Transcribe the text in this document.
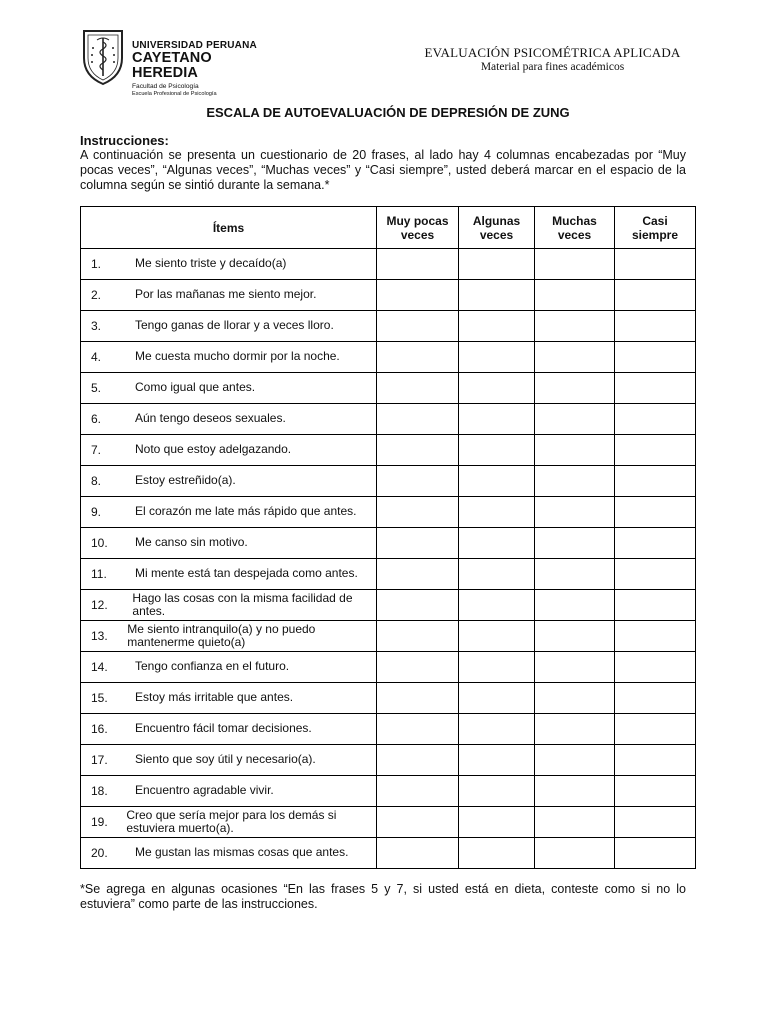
UNIVERSIDAD PERUANA
CAYETANO HEREDIA
Facultad de Psicología
Escuela Profesional de Psicología
EVALUACIÓN PSICOMÉTRICA APLICADA
Material para fines académicos
ESCALA DE AUTOEVALUACIÓN DE DEPRESIÓN DE ZUNG
Instrucciones:
A continuación se presenta un cuestionario de 20 frases, al lado hay 4 columnas encabezadas por “Muy pocas veces”, “Algunas veces”, “Muchas veces” y “Casi siempre”, usted deberá marcar en el espacio de la columna según se sintió durante la semana.*
Ítems	Muy pocas veces	Algunas veces	Muchas veces	Casi siempre

1. Me siento triste y decaído(a)				

2. Por las mañanas me siento mejor.				

3. Tengo ganas de llorar y a veces lloro.				

4. Me cuesta mucho dormir por la noche.				

5. Como igual que antes.				

6. Aún tengo deseos sexuales.				

7. Noto que estoy adelgazando.				

8. Estoy estreñido(a).				

9. El corazón me late más rápido que antes.				

10. Me canso sin motivo.				

11. Mi mente está tan despejada como antes.				

12.
Hago las cosas con la misma facilidad de antes.				

13.
Me siento intranquilo(a) y no puedo mantenerme quieto(a)				

14. Tengo confianza en el futuro.				

15. Estoy más irritable que antes.				

16. Encuentro fácil tomar decisiones.				

17. Siento que soy útil y necesario(a).				

18. Encuentro agradable vivir.				

19.
Creo que sería mejor para los demás si estuviera muerto(a).				

20. Me gustan las mismas cosas que antes.				

*Se agrega en algunas ocasiones “En las frases 5 y 7, si usted está en dieta, conteste como si no lo estuviera” como parte de las instrucciones.
